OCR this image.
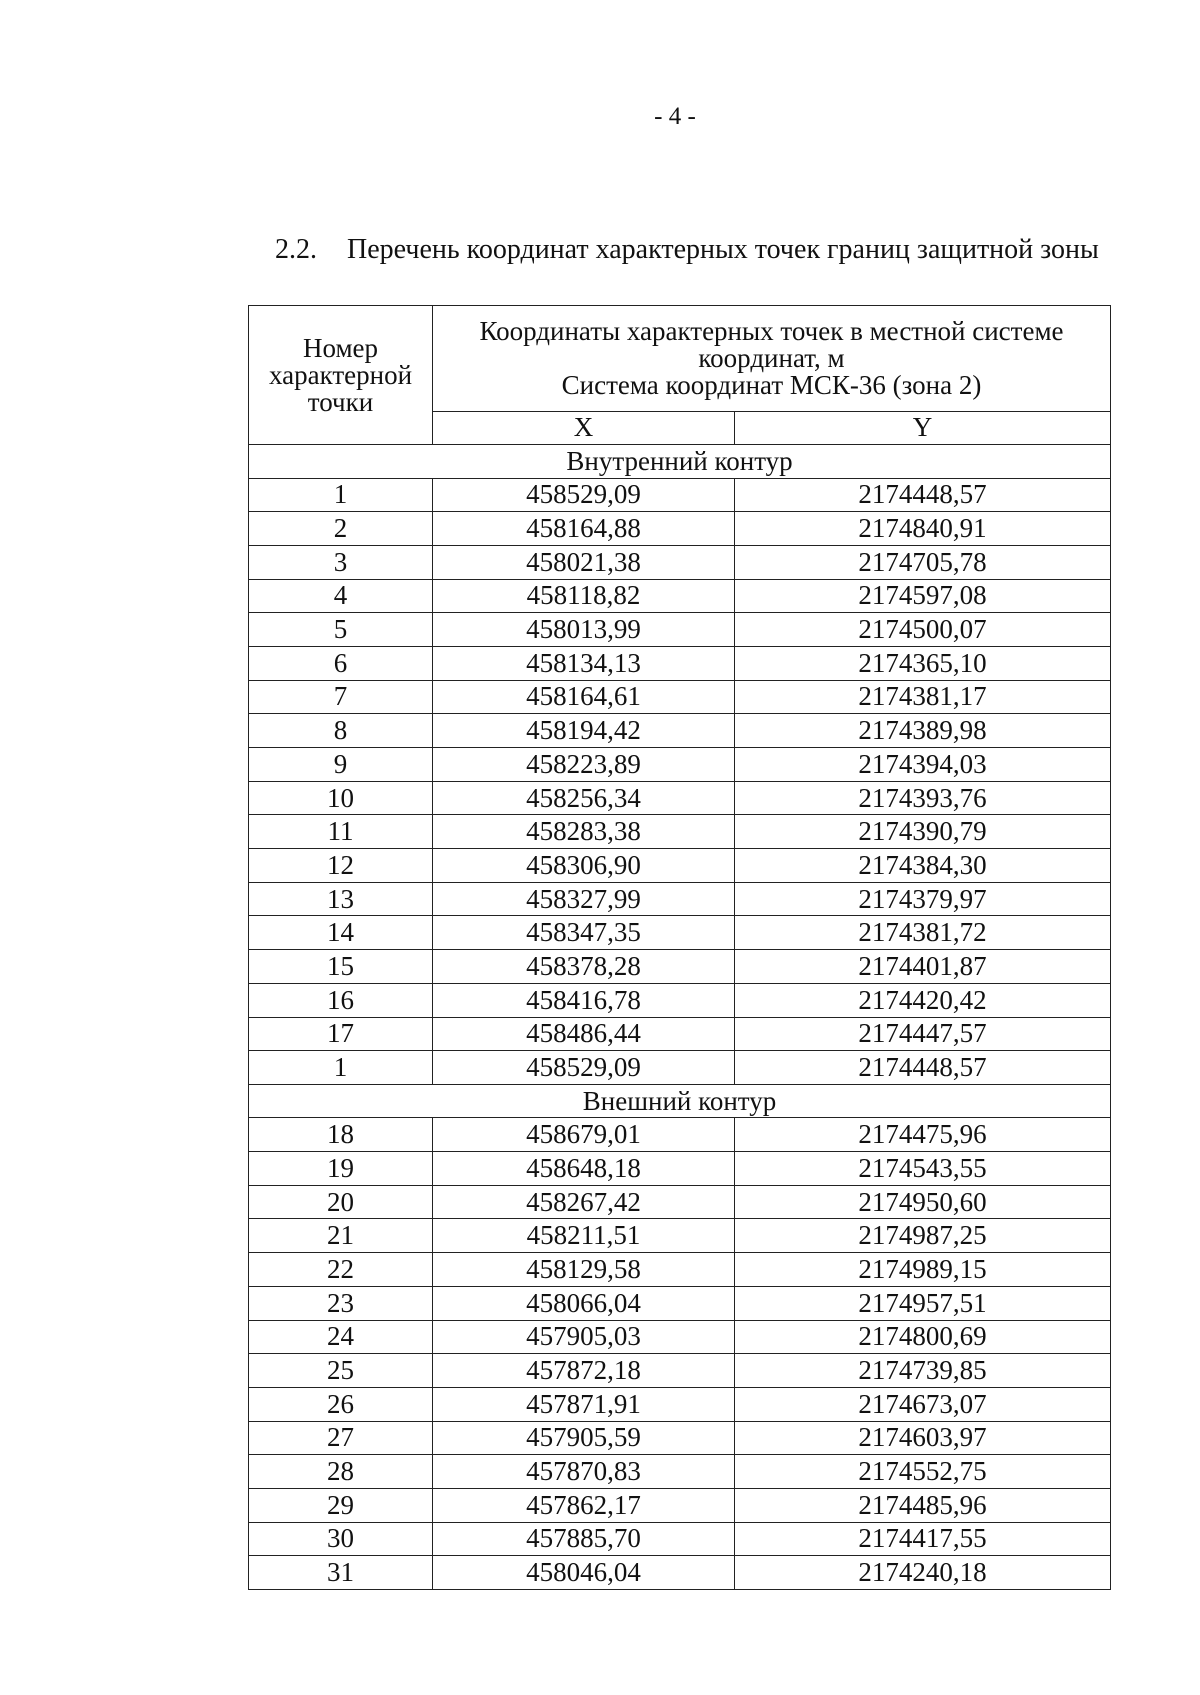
- 4 -
2.2. Перечень координат характерных точек границ защитной зоны
Номер
характерной
точки	Координаты характерных точек в местной системе
координат, м
Система координат МСК-36 (зона 2)	

	X	Y
Внутренний контур		
1	458529,09	2174448,57
2	458164,88	2174840,91
3	458021,38	2174705,78
4	458118,82	2174597,08
5	458013,99	2174500,07
6	458134,13	2174365,10
7	458164,61	2174381,17
8	458194,42	2174389,98
9	458223,89	2174394,03
10	458256,34	2174393,76
11	458283,38	2174390,79
12	458306,90	2174384,30
13	458327,99	2174379,97
14	458347,35	2174381,72
15	458378,28	2174401,87
16	458416,78	2174420,42
17	458486,44	2174447,57
1	458529,09	2174448,57
Внешний контур		
18	458679,01	2174475,96
19	458648,18	2174543,55
20	458267,42	2174950,60
21	458211,51	2174987,25
22	458129,58	2174989,15
23	458066,04	2174957,51
24	457905,03	2174800,69
25	457872,18	2174739,85
26	457871,91	2174673,07
27	457905,59	2174603,97
28	457870,83	2174552,75
29	457862,17	2174485,96
30	457885,70	2174417,55
31	458046,04	2174240,18
